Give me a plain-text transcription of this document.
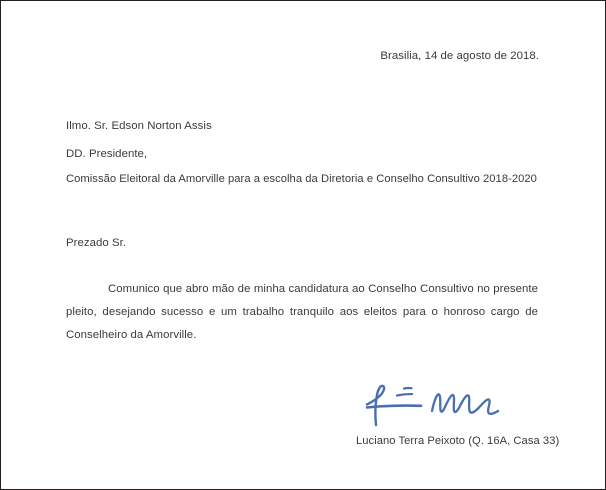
Brasilia, 14 de agosto de 2018.
Ilmo. Sr. Edson Norton Assis
DD. Presidente,
Comissão Eleitoral da Amorville para a escolha da Diretoria e Conselho Consultivo 2018-2020
Prezado Sr.
Comunico que abro mão de minha candidatura ao Conselho Consultivo no presente pleito, desejando sucesso e um trabalho tranquilo aos eleitos para o honroso cargo de Conselheiro da Amorville.
Luciano Terra Peixoto (Q. 16A, Casa 33)
